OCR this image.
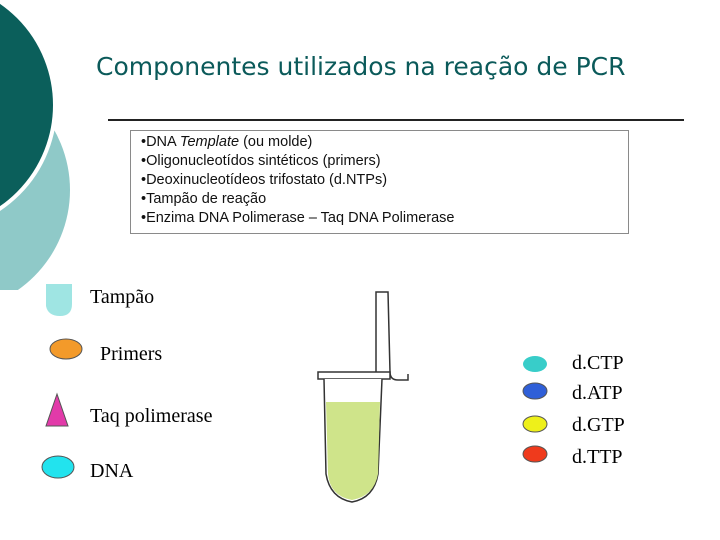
Componentes utilizados na reação de PCR
•DNA Template (ou molde)
•Oligonucleotídos sintéticos (primers)
•Deoxinucleotídeos trifostato (d.NTPs)
•Tampão de reação
•Enzima DNA Polimerase – Taq DNA Polimerase
Tampão
Primers
Taq polimerase
DNA
d.CTP
d.ATP
d.GTP
d.TTP
